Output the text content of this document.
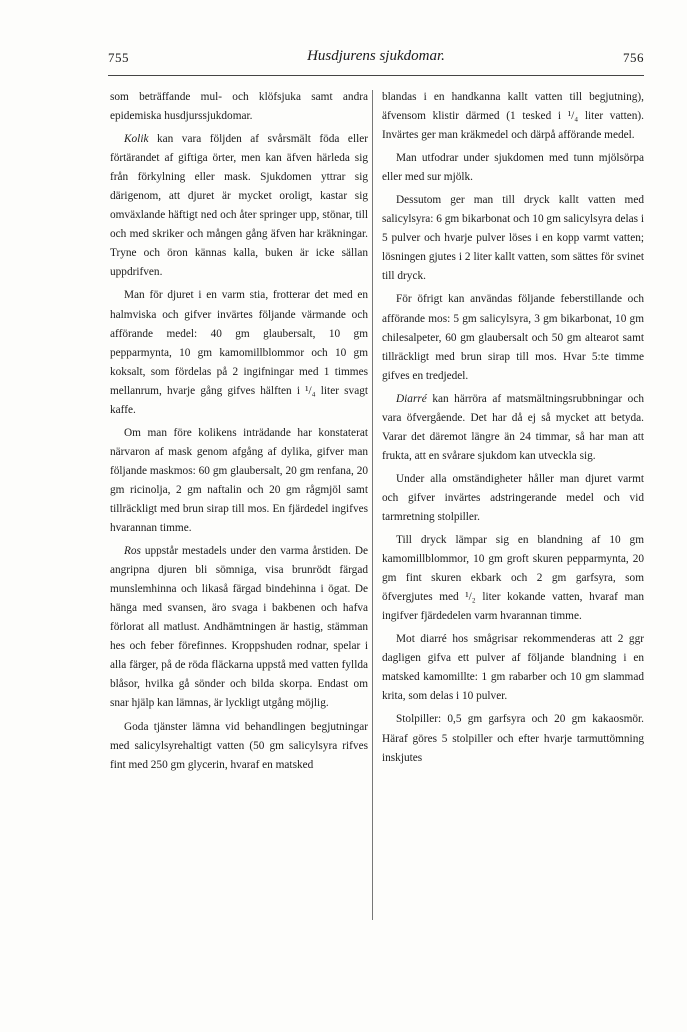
755	Husdjurens sjukdomar.	756

som beträffande mul- och klöfsjuka samt andra epidemiska husdjurssjukdomar.

Kolik kan vara följden af svårsmält föda eller förtärandet af giftiga örter, men kan äfven härleda sig från förkylning eller mask. Sjukdomen yttrar sig därigenom, att djuret är mycket oroligt, kastar sig omväxlande häftigt ned och åter springer upp, stönar, till och med skriker och mången gång äfven har kräkningar. Tryne och öron kännas kalla, buken är icke sällan uppdrifven.

Man för djuret i en varm stia, frotterar det med en halmviska och gifver invärtes följande värmande och afförande medel: 40 gm glaubersalt, 10 gm pepparmynta, 10 gm kamomillblommor och 10 gm koksalt, som fördelas på 2 ingifningar med 1 timmes mellanrum, hvarje gång gifves hälften i ¹/₄ liter svagt kaffe.

Om man före kolikens inträdande har konstaterat närvaron af mask genom afgång af dylika, gifver man följande maskmos: 60 gm glaubersalt, 20 gm renfana, 20 gm ricinolja, 2 gm naftalin och 20 gm rågmjöl samt tillräckligt med brun sirap till mos. En fjärdedel ingifves hvarannan timme.

Ros uppstår mestadels under den varma årstiden. De angripna djuren bli sömniga, visa brunrödt färgad munslemhinna och likaså färgad bindehinna i ögat. De hänga med svansen, äro svaga i bakbenen och hafva förlorat all matlust. Andhämtningen är hastig, stämman hes och feber förefinnes. Kroppshuden rodnar, spelar i alla färger, på de röda fläckarna uppstå med vatten fyllda blåsor, hvilka gå sönder och bilda skorpa. Endast om snar hjälp kan lämnas, är lyckligt utgång möjlig.

Goda tjänster lämna vid behandlingen begjutningar med salicylsyrehaltigt vatten (50 gm salicylsyra rifves fint med 250 gm glycerin, hvaraf en matsked

blandas i en handkanna kallt vatten till begjutning), äfvensom klistir därmed (1 tesked i ¹/₄ liter vatten). Invärtes ger man kräkmedel och därpå afförande medel.

Man utfodrar under sjukdomen med tunn mjölsörpa eller med sur mjölk.

Dessutom ger man till dryck kallt vatten med salicylsyra: 6 gm bikarbonat och 10 gm salicylsyra delas i 5 pulver och hvarje pulver löses i en kopp varmt vatten; lösningen gjutes i 2 liter kallt vatten, som sättes för svinet till dryck.

För öfrigt kan användas följande feberstillande och afförande mos: 5 gm salicylsyra, 3 gm bikarbonat, 10 gm chilesalpeter, 60 gm glaubersalt och 50 gm altearot samt tillräckligt med brun sirap till mos. Hvar 5:te timme gifves en tredjedel.

Diarré kan härröra af matsmältningsrubbningar och vara öfvergående. Det har då ej så mycket att betyda. Varar det däremot längre än 24 timmar, så har man att frukta, att en svårare sjukdom kan utveckla sig.

Under alla omständigheter håller man djuret varmt och gifver invärtes adstringerande medel och vid tarmretning stolpiller.

Till dryck lämpar sig en blandning af 10 gm kamomillblommor, 10 gm groft skuren pepparmynta, 20 gm fint skuren ekbark och 2 gm garfsyra, som öfvergjutes med ¹/₂ liter kokande vatten, hvaraf man ingifver fjärdedelen varm hvarannan timme.

Mot diarré hos smågrisar rekommenderas att 2 ggr dagligen gifva ett pulver af följande blandning i en matsked kamomillte: 1 gm rabarber och 10 gm slammad krita, som delas i 10 pulver.

Stolpiller: 0,5 gm garfsyra och 20 gm kakaosmör. Häraf göres 5 stolpiller och efter hvarje tarmuttömning inskjutes
